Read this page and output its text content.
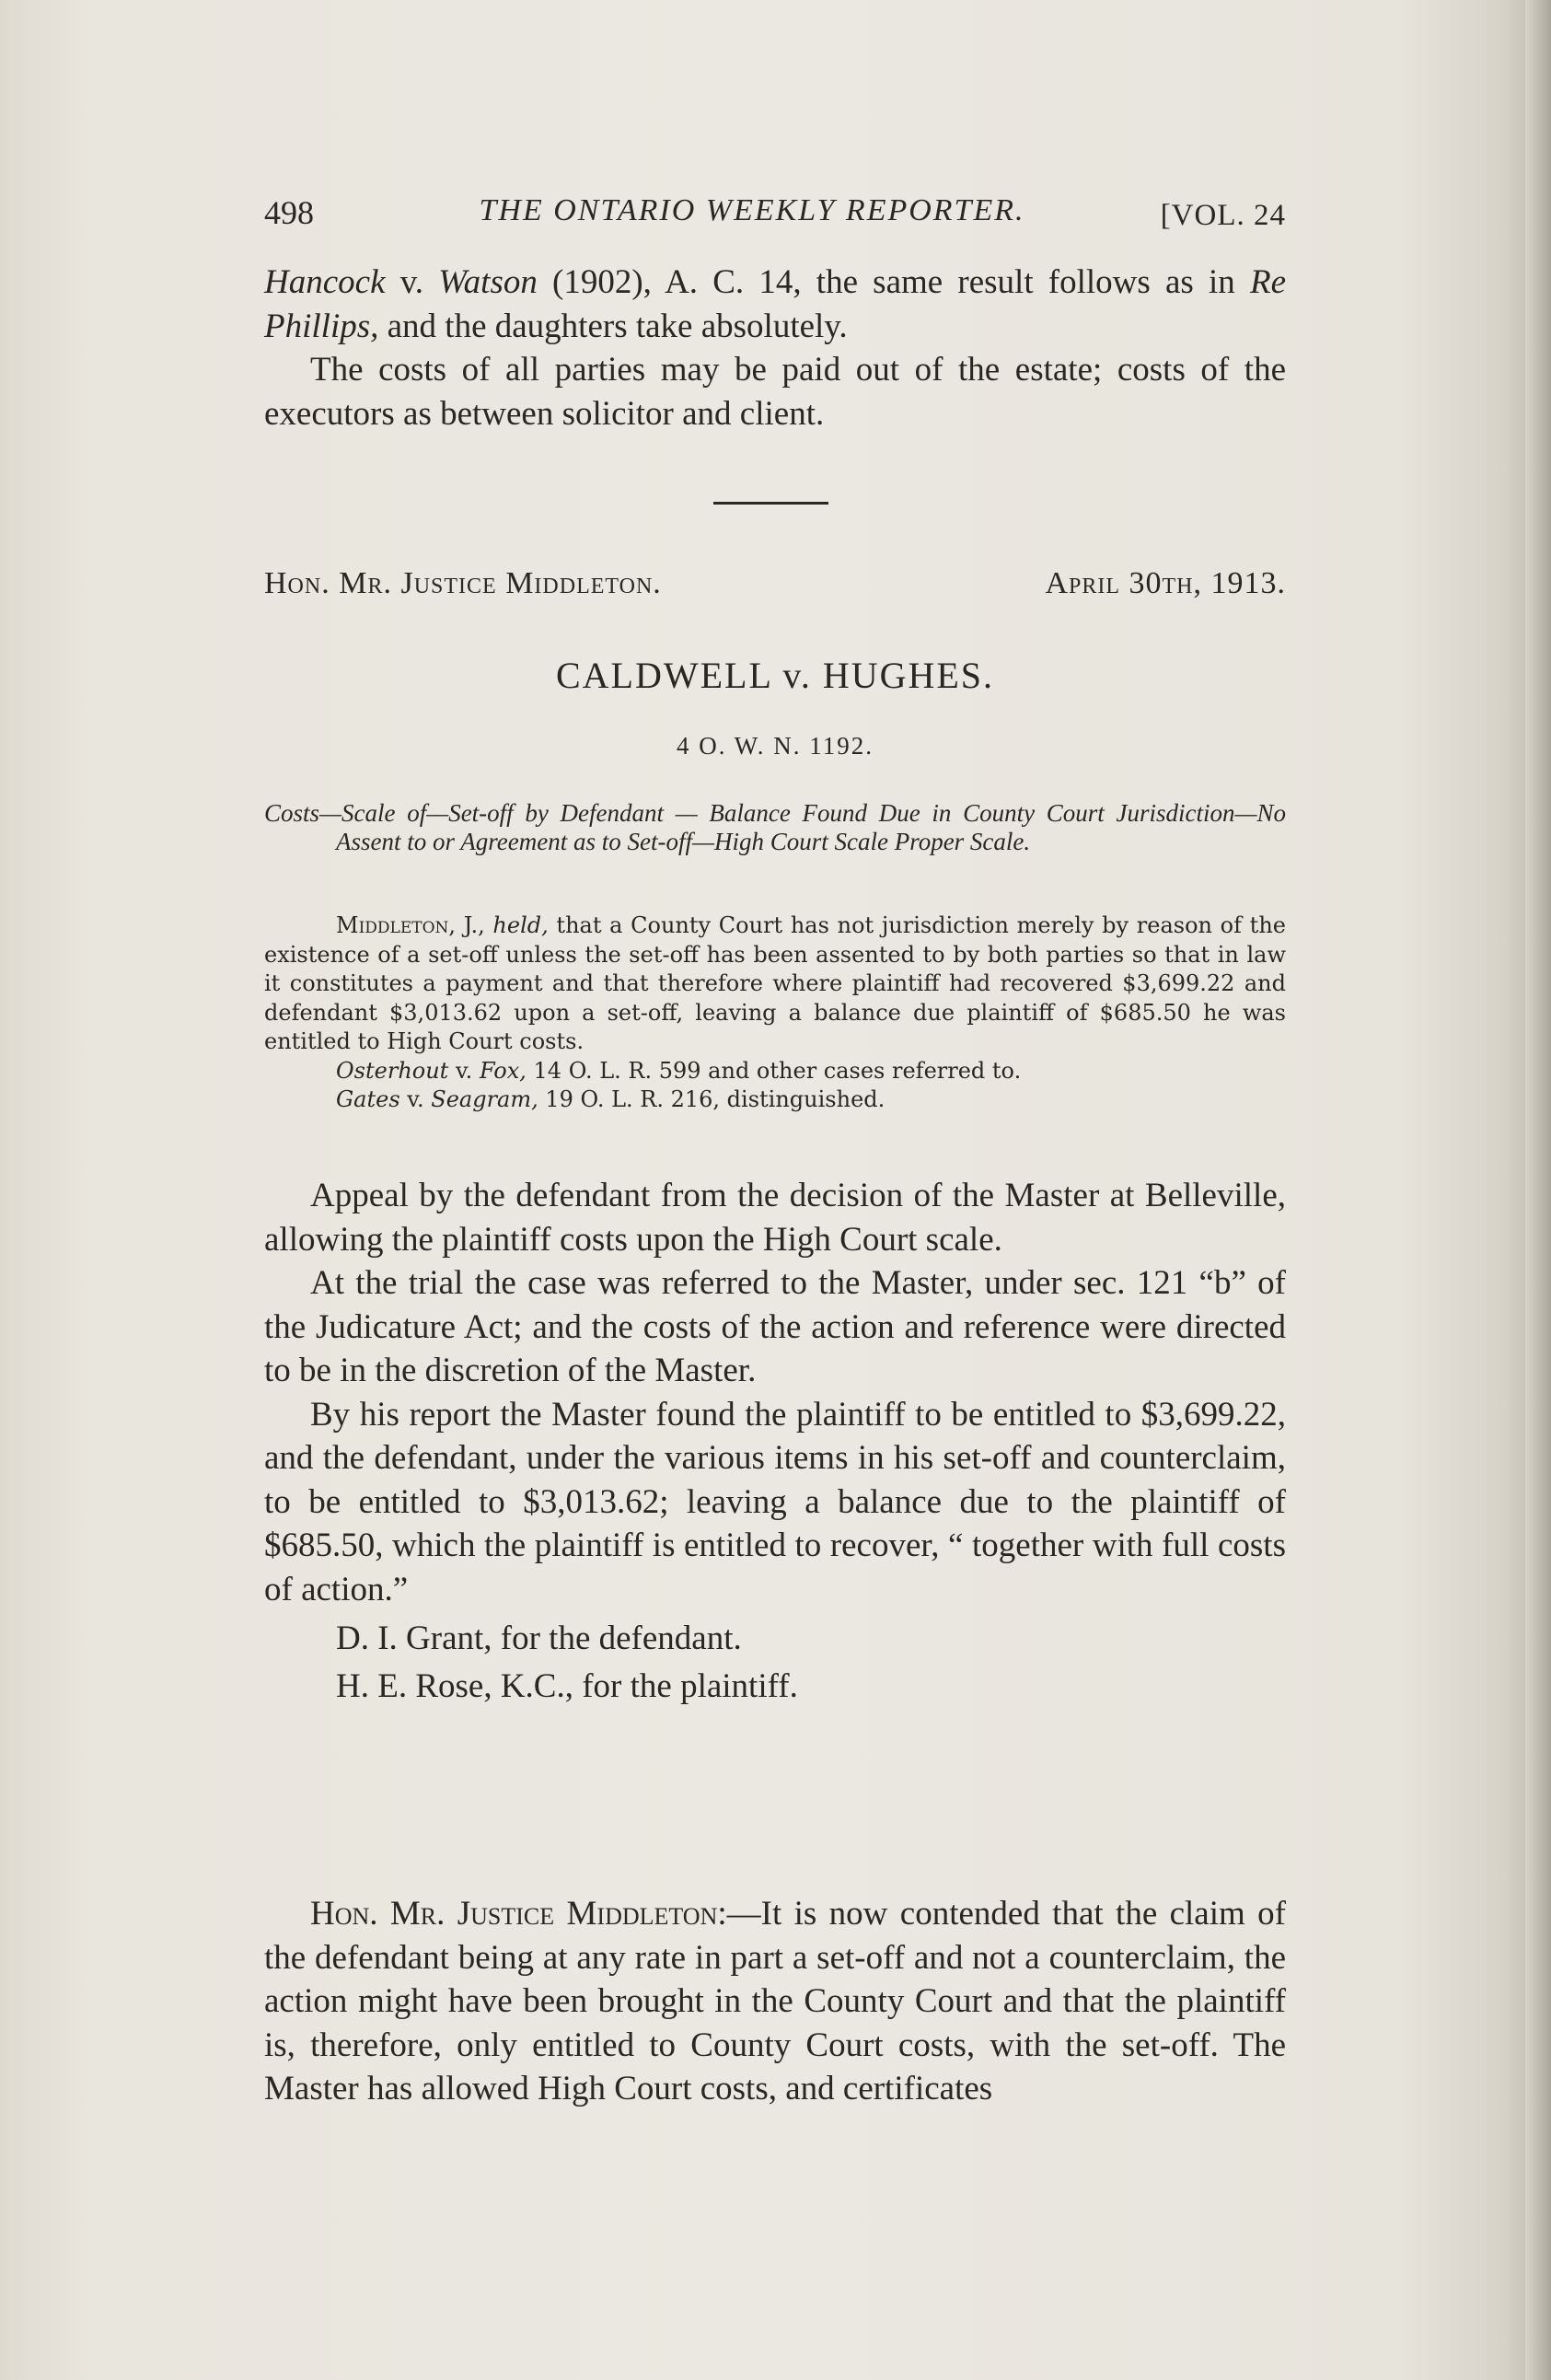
498	THE ONTARIO WEEKLY REPORTER.	[VOL. 24

Hancock v. Watson (1902), A. C. 14, the same result follows as in Re Phillips, and the daughters take absolutely.

The costs of all parties may be paid out of the estate; costs of the executors as between solicitor and client.

Hon. Mr. Justice Middleton.	April 30th, 1913.
CALDWELL v. HUGHES.
4 O. W. N. 1192.

Costs—Scale of—Set-off by Defendant — Balance Found Due in County Court Jurisdiction—No Assent to or Agreement as to Set-off—High Court Scale Proper Scale.

Middleton, J., held, that a County Court has not jurisdiction merely by reason of the existence of a set-off unless the set-off has been assented to by both parties so that in law it constitutes a payment and that therefore where plaintiff had recovered $3,699.22 and defendant $3,013.62 upon a set-off, leaving a balance due plaintiff of $685.50 he was entitled to High Court costs.

Osterhout v. Fox, 14 O. L. R. 599 and other cases referred to.

Gates v. Seagram, 19 O. L. R. 216, distinguished.

Appeal by the defendant from the decision of the Master at Belleville, allowing the plaintiff costs upon the High Court scale.

At the trial the case was referred to the Master, under sec. 121 “b” of the Judicature Act; and the costs of the action and reference were directed to be in the discretion of the Master.

By his report the Master found the plaintiff to be entitled to $3,699.22, and the defendant, under the various items in his set-off and counterclaim, to be entitled to $3,013.62; leaving a balance due to the plaintiff of $685.50, which the plaintiff is entitled to recover, “ together with full costs of action.”

D. I. Grant, for the defendant.

H. E. Rose, K.C., for the plaintiff.

Hon. Mr. Justice Middleton:—It is now contended that the claim of the defendant being at any rate in part a set-off and not a counterclaim, the action might have been brought in the County Court and that the plaintiff is, therefore, only entitled to County Court costs, with the set-off. The Master has allowed High Court costs, and certificates
